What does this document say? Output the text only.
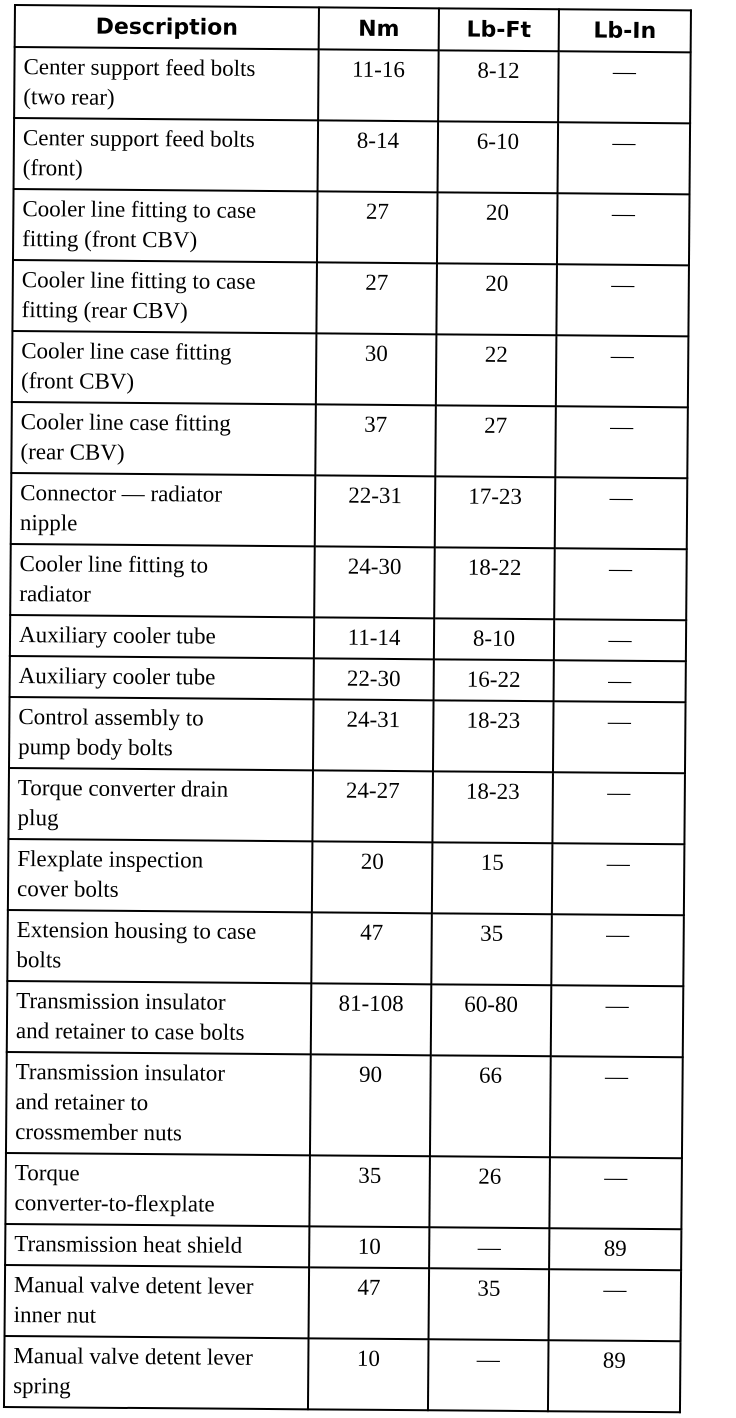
Description	Nm	Lb-Ft	Lb-In

Center support feed bolts
(two rear)	11-16	8-12	—

Center support feed bolts
(front)	8-14	6-10	—

Cooler line fitting to case
fitting (front CBV)	27	20	—

Cooler line fitting to case
fitting (rear CBV)	27	20	—

Cooler line case fitting
(front CBV)	30	22	—

Cooler line case fitting
(rear CBV)	37	27	—

Connector — radiator
nipple	22-31	17-23	—

Cooler line fitting to
radiator	24-30	18-22	—

Auxiliary cooler tube	11-14	8-10	—

Auxiliary cooler tube	22-30	16-22	—

Control assembly to
pump body bolts	24-31	18-23	—

Torque converter drain
plug	24-27	18-23	—

Flexplate inspection
cover bolts	20	15	—

Extension housing to case
bolts	47	35	—

Transmission insulator
and retainer to case bolts	81-108	60-80	—

Transmission insulator
and retainer to
crossmember nuts	90	66	—

Torque
converter-to-flexplate	35	26	—

Transmission heat shield	10	—	89

Manual valve detent lever
inner nut	47	35	—

Manual valve detent lever
spring	10	—	89
